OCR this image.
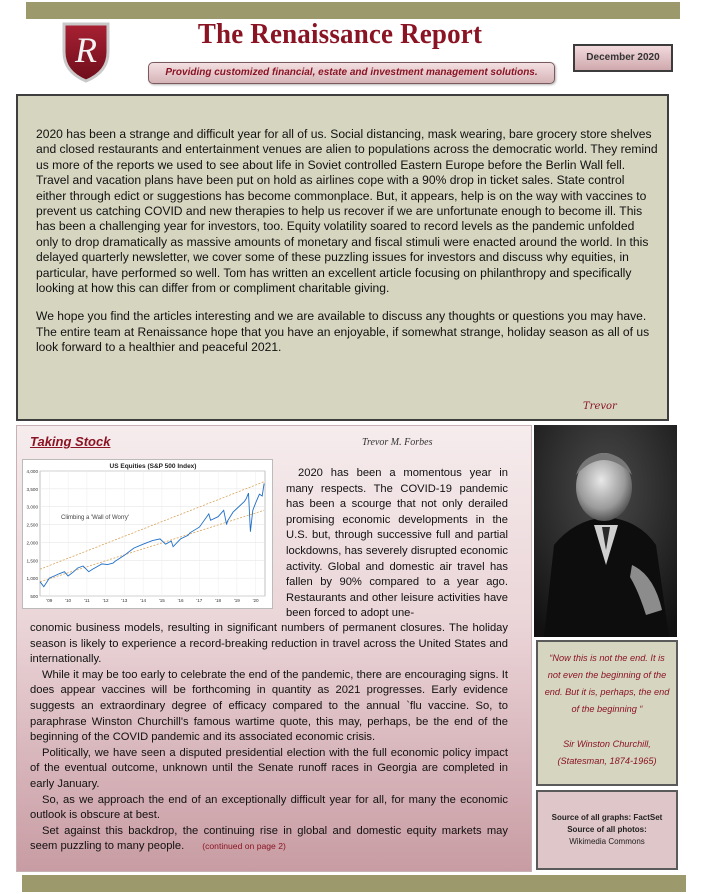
R	The Renaissance Report
Providing customized financial, estate and investment management solutions.
December 2020

2020 has been a strange and difficult year for all of us. Social distancing, mask wearing, bare grocery store shelves and closed restaurants and entertainment venues are alien to populations across the democratic world. They remind us more of the reports we used to see about life in Soviet controlled Eastern Europe before the Berlin Wall fell. Travel and vacation plans have been put on hold as airlines cope with a 90% drop in ticket sales. State control either through edict or suggestions has become commonplace. But, it appears, help is on the way with vaccines to prevent us catching COVID and new therapies to help us recover if we are unfortunate enough to become ill. This has been a challenging year for investors, too. Equity volatility soared to record levels as the pandemic unfolded only to drop dramatically as massive amounts of monetary and fiscal stimuli were enacted around the world. In this delayed quarterly newsletter, we cover some of these puzzling issues for investors and discuss why equities, in particular, have performed so well. Tom has written an excellent article focusing on philanthropy and specifically looking at how this can differ from or compliment charitable giving.

We hope you find the articles interesting and we are available to discuss any thoughts or questions you may have. The entire team at Renaissance hope that you have an enjoyable, if somewhat strange, holiday season as all of us look forward to a healthier and peaceful 2021.

Trevor
Taking Stock	Trevor M. Forbes
US Equities (S&P 500 Index)
500
1,000
1,500
2,000
2,500
3,000
3,500
4,000
'09	'10	'11	'12	'13	'14	'15	'16	'17	'18	'19	'20
Climbing a 'Wall of Worry'

2020 has been a momentous year in many respects. The COVID-19 pandemic has been a scourge that not only derailed promising economic developments in the U.S. but, through successive full and partial lockdowns, has severely disrupted economic activity. Global and domestic air travel has fallen by 90% compared to a year ago. Restaurants and other leisure activities have been forced to adopt une-

conomic business models, resulting in significant numbers of permanent closures. The holiday season is likely to experience a record-breaking reduction in travel across the United States and internationally.

While it may be too early to celebrate the end of the pandemic, there are encouraging signs. It does appear vaccines will be forthcoming in quantity as 2021 progresses. Early evidence suggests an extraordinary degree of efficacy compared to the annual `flu vaccine. So, to paraphrase Winston Churchill's famous wartime quote, this may, perhaps, be the end of the beginning of the COVID pandemic and its associated economic crisis.

Politically, we have seen a disputed presidential election with the full economic policy impact of the eventual outcome, unknown until the Senate runoff races in Georgia are completed in early January.

So, as we approach the end of an exceptionally difficult year for all, for many the economic outlook is obscure at best.

Set against this backdrop, the continuing rise in global and domestic equity markets may seem puzzling to many people. (continued on page 2)

“Now this is not the end. It is not even the beginning of the end. But it is, perhaps, the end of the beginning “
Sir Winston Churchill,
(Statesman, 1874-1965)
Source of all graphs: FactSet
Source of all photos:
Wikimedia Commons
